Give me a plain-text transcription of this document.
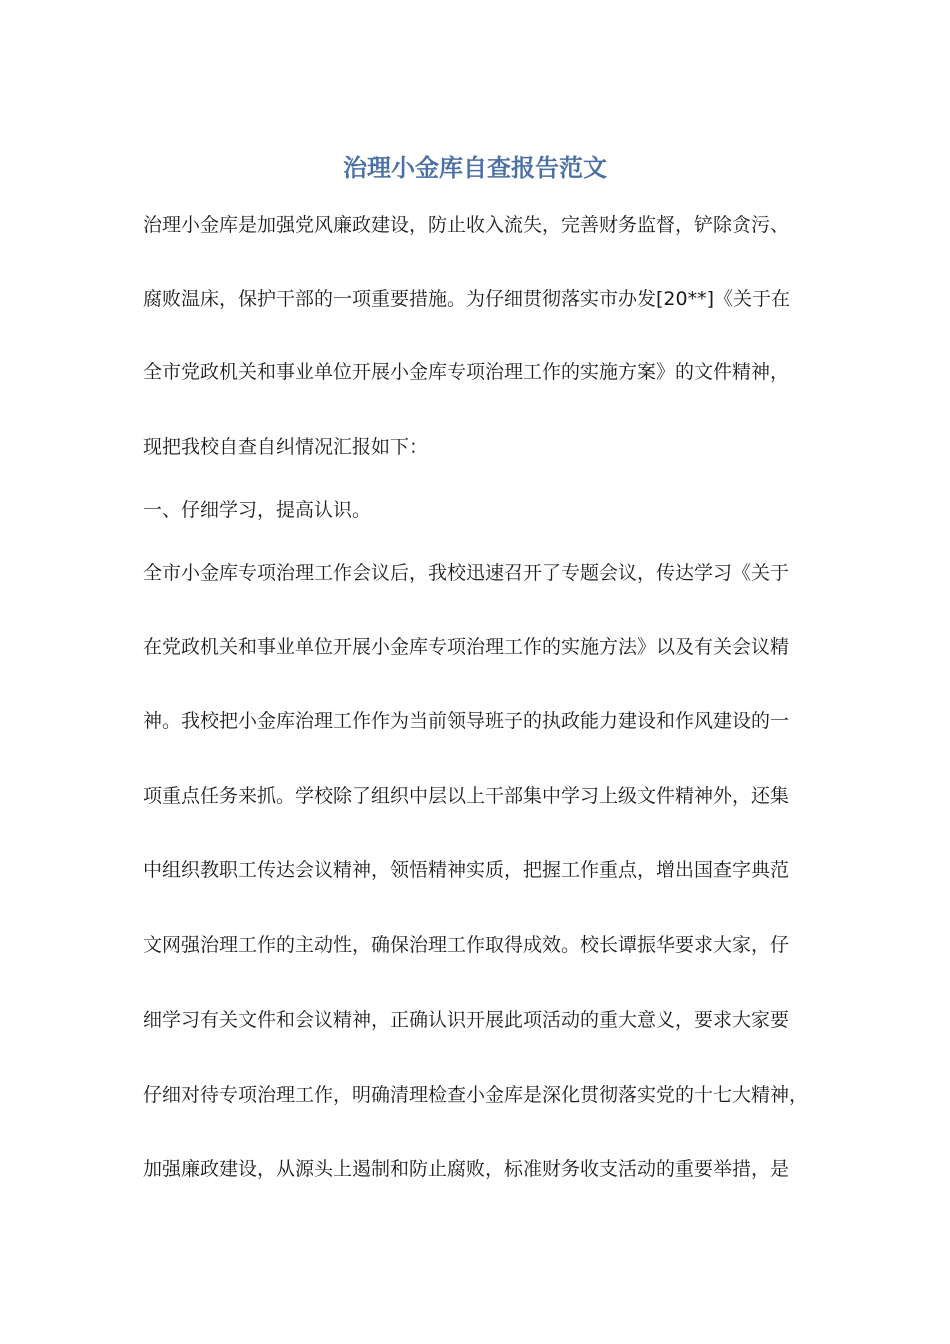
治理小金库自查报告范文
治理小金库是加强党风廉政建设，防止收入流失，完善财务监督，铲除贪污、
腐败温床，保护干部的一项重要措施。为仔细贯彻落实市办发[20**]《关于在
全市党政机关和事业单位开展小金库专项治理工作的实施方案》的文件精神，
现把我校自查自纠情况汇报如下：
一、仔细学习，提高认识。
全市小金库专项治理工作会议后，我校迅速召开了专题会议，传达学习《关于
在党政机关和事业单位开展小金库专项治理工作的实施方法》以及有关会议精
神。我校把小金库治理工作作为当前领导班子的执政能力建设和作风建设的一
项重点任务来抓。学校除了组织中层以上干部集中学习上级文件精神外，还集
中组织教职工传达会议精神，领悟精神实质，把握工作重点，增出国查字典范
文网强治理工作的主动性，确保治理工作取得成效。校长谭振华要求大家，仔
细学习有关文件和会议精神，正确认识开展此项活动的重大意义，要求大家要
仔细对待专项治理工作，明确清理检查小金库是深化贯彻落实党的十七大精神，
加强廉政建设，从源头上遏制和防止腐败，标准财务收支活动的重要举措，是
